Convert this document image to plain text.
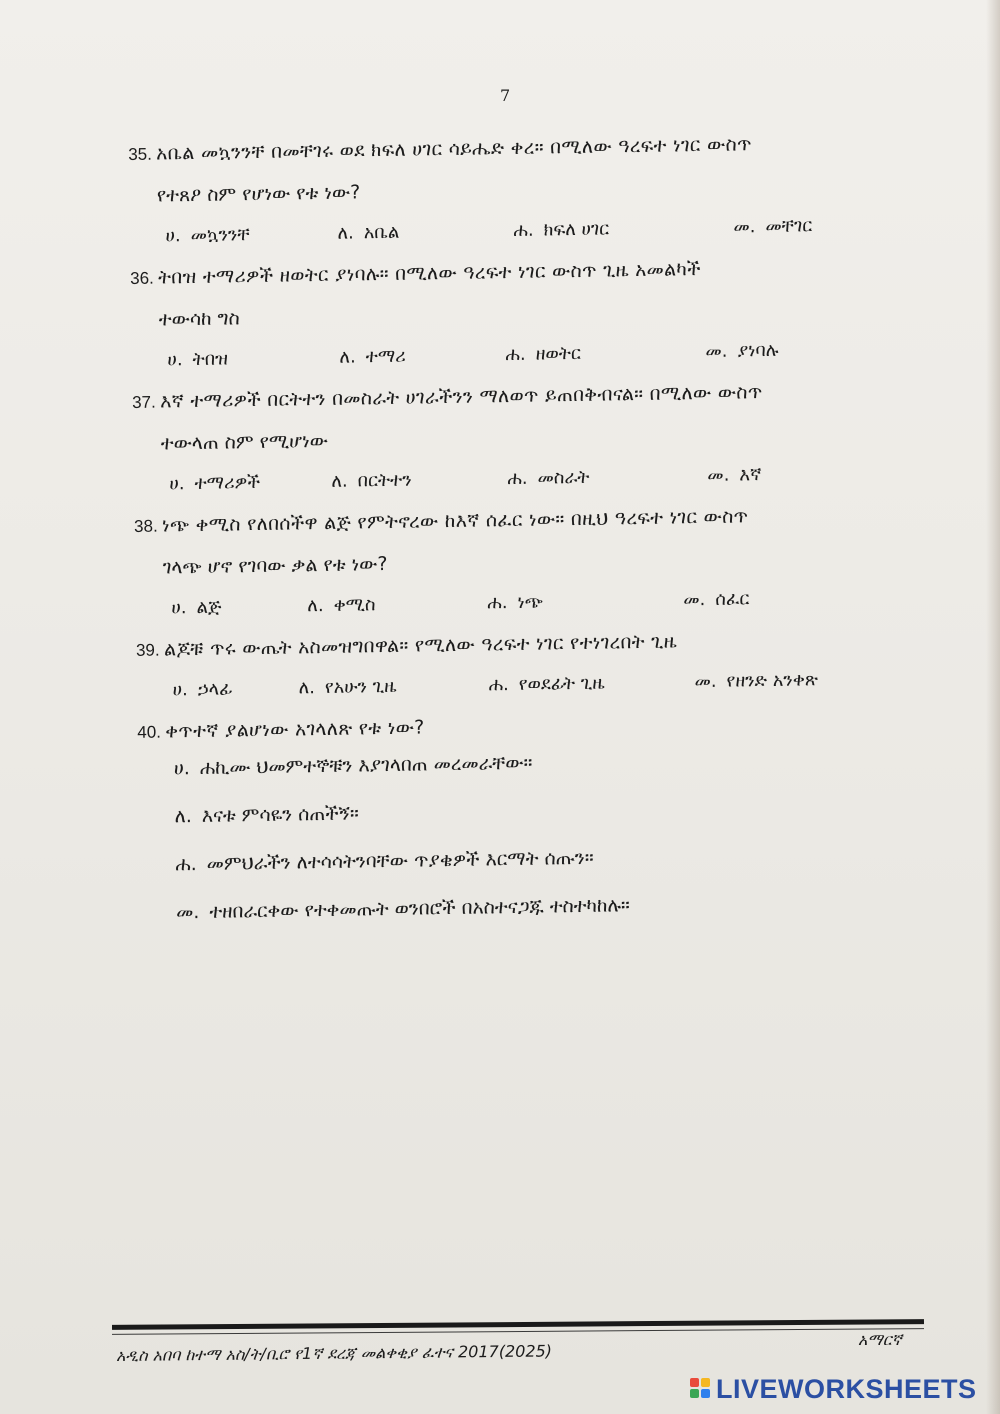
7
35. አቤል መኳንንቸ በመቸገሩ ወደ ክፍለ ሀገር ሳይሔድ ቀረ። በሚለው ዓረፍተ ነገር ውስጥ
የተጸዖ ስም የሆነው የቱ ነው?
ሀ. መኳንንቸ	ለ. አቤል	ሐ. ክፍለ ሀገር	መ. መቸገር
36. ትበዝ ተማሪዎች ዘወትር ያነባሉ። በሚለው ዓረፍተ ነገር ውስጥ ጊዜ አመልካች
ተውሳከ ግስ
ሀ. ትበዝ	ለ. ተማሪ	ሐ. ዘወትር	መ. ያነባሉ
37. እኛ ተማሪዎች በርትተን በመስራት ሀገራችንን ማለወጥ ይጠበቅብናል። በሚለው ውስጥ
ተውላጠ ስም የሚሆነው
ሀ. ተማሪዎች	ለ. በርትተን	ሐ. መስራት	መ. እኛ
38. ነጭ ቀሚስ የለበሰችዋ ልጅ የምትኖረው ከእኛ ሰፈር ነው። በዚህ ዓረፍተ ነገር ውስጥ
ገላጭ ሆኖ የገባው ቃል የቱ ነው?
ሀ. ልጅ	ለ. ቀሚስ	ሐ. ነጭ	መ. ሰፈር
39. ልጆቹ ጥሩ ውጤት አስመዝግበዋል። የሚለው ዓረፍተ ነገር የተነገረበት ጊዜ
ሀ. ኃላፊ	ለ. የአሁን ጊዜ	ሐ. የወደፊት ጊዜ	መ. የዘንድ አንቀጽ
40. ቀጥተኛ ያልሆነው አገላለጽ የቱ ነው?
ሀ. ሐኪሙ ህመምተኞቹን እያገላበጠ መረመራቸው።
ለ. እናቱ ምሳዬን ሰጠችኝ።
ሐ. መምህራችን ለተሳሳትንባቸው ጥያቄዎች እርማት ሰጡን።
መ. ተዘበራርቀው የተቀመጡት ወንበሮች በአስተናጋጁ ተስተካከሉ።
አዲስ አበባ ከተማ አስ/ት/ቢሮ የ1ኛ ደረጃ መልቀቂያ ፈተና 2017(2025)
አማርኛ
LIVEWORKSHEETS
